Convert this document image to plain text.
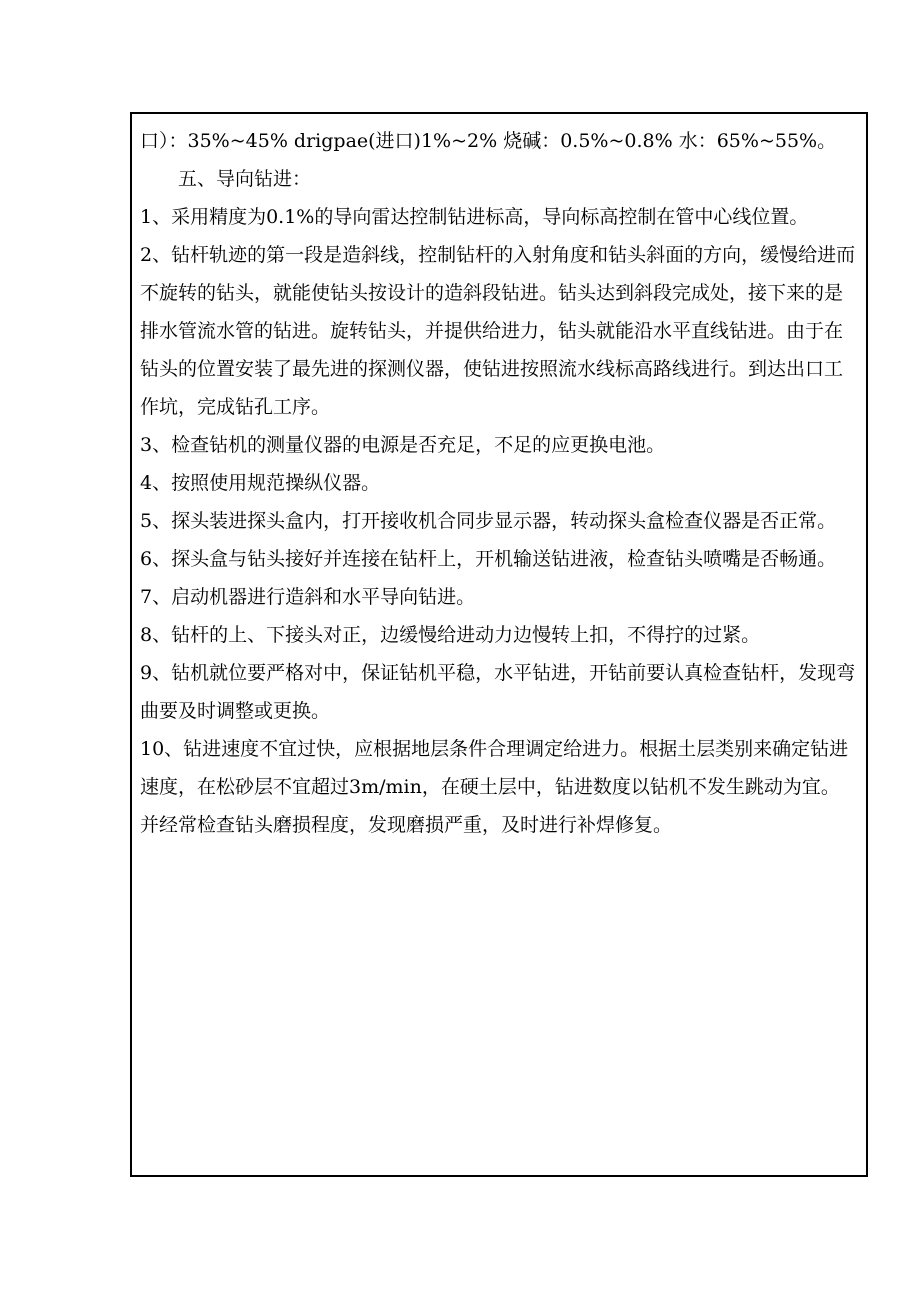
口）：35%~45% drigpae(进口)1%~2% 烧碱：0.5%~0.8% 水：65%~55%。

五、导向钻进：

1、采用精度为0.1%的导向雷达控制钻进标高，导向标高控制在管中心线位置。

2、钻杆轨迹的第一段是造斜线，控制钻杆的入射角度和钻头斜面的方向，缓慢给进而不旋转的钻头，就能使钻头按设计的造斜段钻进。钻头达到斜段完成处，接下来的是排水管流水管的钻进。旋转钻头，并提供给进力，钻头就能沿水平直线钻进。由于在钻头的位置安装了最先进的探测仪器，使钻进按照流水线标高路线进行。到达出口工作坑，完成钻孔工序。

3、检查钻机的测量仪器的电源是否充足，不足的应更换电池。

4、按照使用规范操纵仪器。

5、探头装进探头盒内，打开接收机合同步显示器，转动探头盒检查仪器是否正常。

6、探头盒与钻头接好并连接在钻杆上，开机输送钻进液，检查钻头喷嘴是否畅通。

7、启动机器进行造斜和水平导向钻进。

8、钻杆的上、下接头对正，边缓慢给进动力边慢转上扣，不得拧的过紧。

9、钻机就位要严格对中，保证钻机平稳，水平钻进，开钻前要认真检查钻杆，发现弯曲要及时调整或更换。

10、钻进速度不宜过快，应根据地层条件合理调定给进力。根据土层类别来确定钻进速度，在松砂层不宜超过3m/min，在硬土层中，钻进数度以钻机不发生跳动为宜。并经常检查钻头磨损程度，发现磨损严重，及时进行补焊修复。
